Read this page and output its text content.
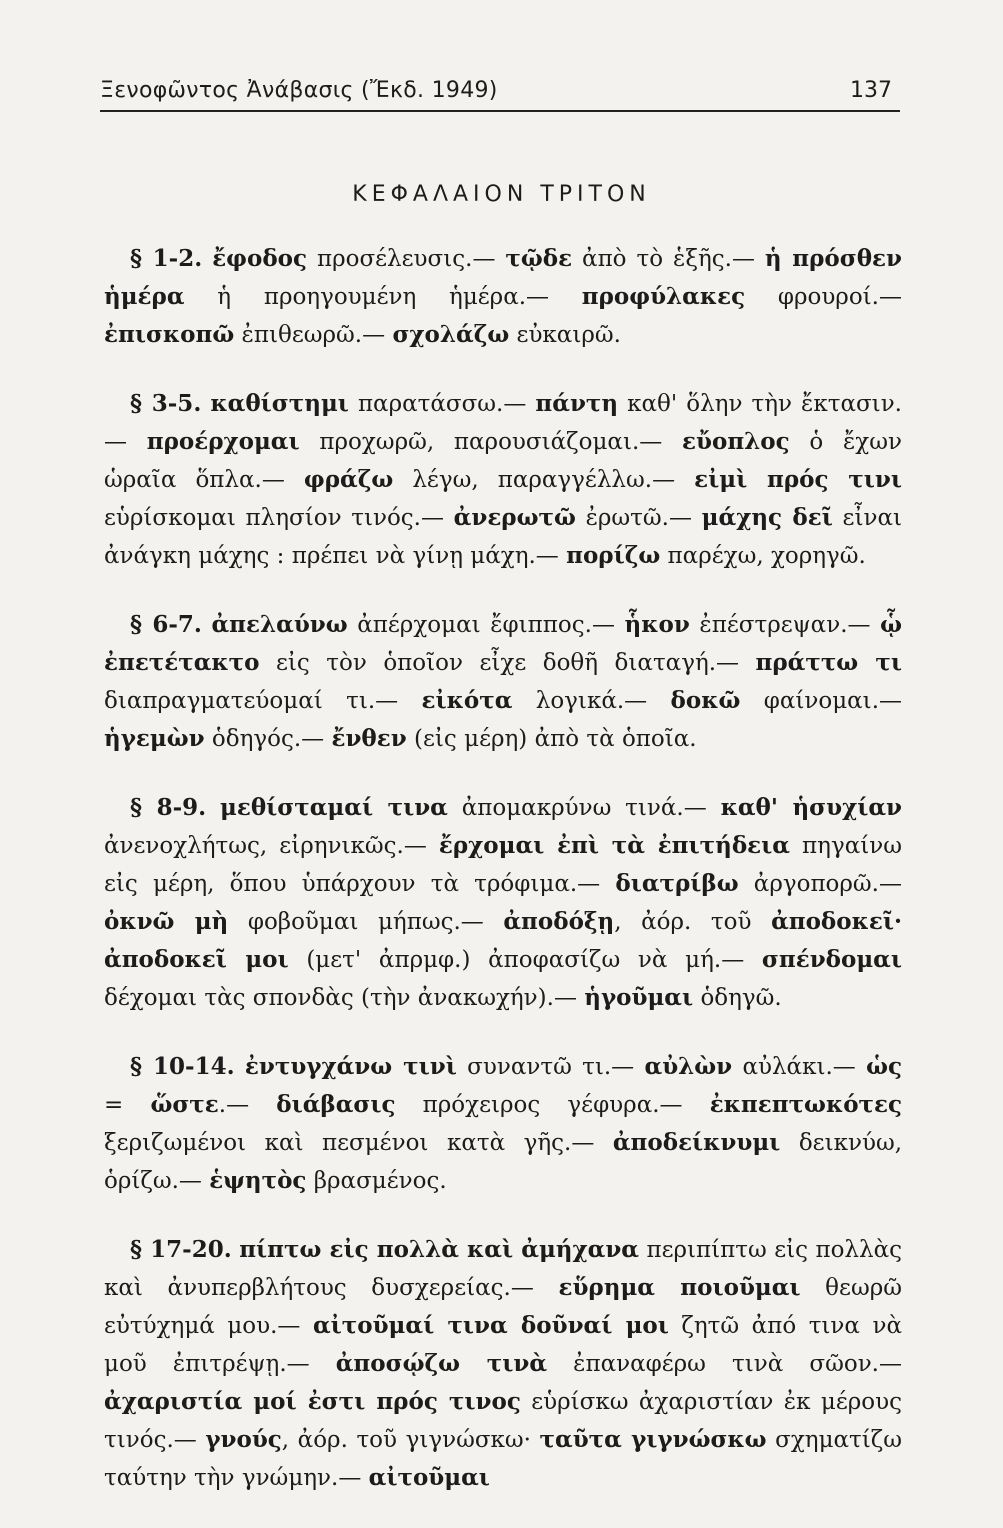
Ξενοφῶντος Ἀνάβασις (Ἔκδ. 1949)	137
ΚΕΦΑΛΑΙΟΝ ΤΡΙΤΟΝ

§ 1-2. ἔφοδος προσέλευσις.— τῷδε ἀπὸ τὸ ἑξῆς.— ἡ πρόσθεν ἡμέρα ἡ προηγουμένη ἡμέρα.— προφύλακες φρουροί.— ἐπισκοπῶ ἐπιθεωρῶ.— σχολάζω εὐκαιρῶ.

§ 3-5. καθίστημι παρατάσσω.— πάντη καθ' ὅλην τὴν ἔκτασιν.— προέρχομαι προχωρῶ, παρουσιάζομαι.— εὔοπλος ὁ ἔχων ὡραῖα ὅπλα.— φράζω λέγω, παραγγέλλω.— εἰμὶ πρός τινι εὑρίσκομαι πλησίον τινός.— ἀνερωτῶ ἐρωτῶ.— μάχης δεῖ εἶναι ἀνάγκη μάχης : πρέπει νὰ γίνῃ μάχη.— πορίζω παρέχω, χορηγῶ.

§ 6-7. ἀπελαύνω ἀπέρχομαι ἔφιππος.— ἧκον ἐπέστρεψαν.— ᾧ ἐπετέτακτο εἰς τὸν ὁποῖον εἶχε δοθῆ διαταγή.— πράττω τι διαπραγματεύομαί τι.— εἰκότα λογικά.— δοκῶ φαίνομαι.— ἡγεμὼν ὁδηγός.— ἔνθεν (εἰς μέρη) ἀπὸ τὰ ὁποῖα.

§ 8-9. μεθίσταμαί τινα ἀπομακρύνω τινά.— καθ' ἡσυχίαν ἀνενοχλήτως, εἰρηνικῶς.— ἔρχομαι ἐπὶ τὰ ἐπιτήδεια πηγαίνω εἰς μέρη, ὅπου ὑπάρχουν τὰ τρόφιμα.— διατρίβω ἀργοπορῶ.— ὀκνῶ μὴ φοβοῦμαι μήπως.— ἀποδόξῃ, ἀόρ. τοῦ ἀποδοκεῖ· ἀποδοκεῖ μοι (μετ' ἀπρμφ.) ἀποφασίζω νὰ μή.— σπένδομαι δέχομαι τὰς σπονδὰς (τὴν ἀνακωχήν).— ἡγοῦμαι ὁδηγῶ.

§ 10-14. ἐντυγχάνω τινὶ συναντῶ τι.— αὐλὼν αὐλάκι.— ὡς = ὥστε.— διάβασις πρόχειρος γέφυρα.— ἐκπεπτωκότες ξεριζωμένοι καὶ πεσμένοι κατὰ γῆς.— ἀποδείκνυμι δεικνύω, ὁρίζω.— ἑψητὸς βρασμένος.

§ 17-20. πίπτω εἰς πολλὰ καὶ ἀμήχανα περιπίπτω εἰς πολλὰς καὶ ἀνυπερβλήτους δυσχερείας.— εὕρημα ποιοῦμαι θεωρῶ εὐτύχημά μου.— αἰτοῦμαί τινα δοῦναί μοι ζητῶ ἀπό τινα νὰ μοῦ ἐπιτρέψῃ.— ἀποσῴζω τινὰ ἐπαναφέρω τινὰ σῶον.— ἀχαριστία μοί ἐστι πρός τινος εὑρίσκω ἀχαριστίαν ἐκ μέρους τινός.— γνούς, ἀόρ. τοῦ γιγνώσκω· ταῦτα γιγνώσκω σχηματίζω ταύτην τὴν γνώμην.— αἰτοῦμαι
